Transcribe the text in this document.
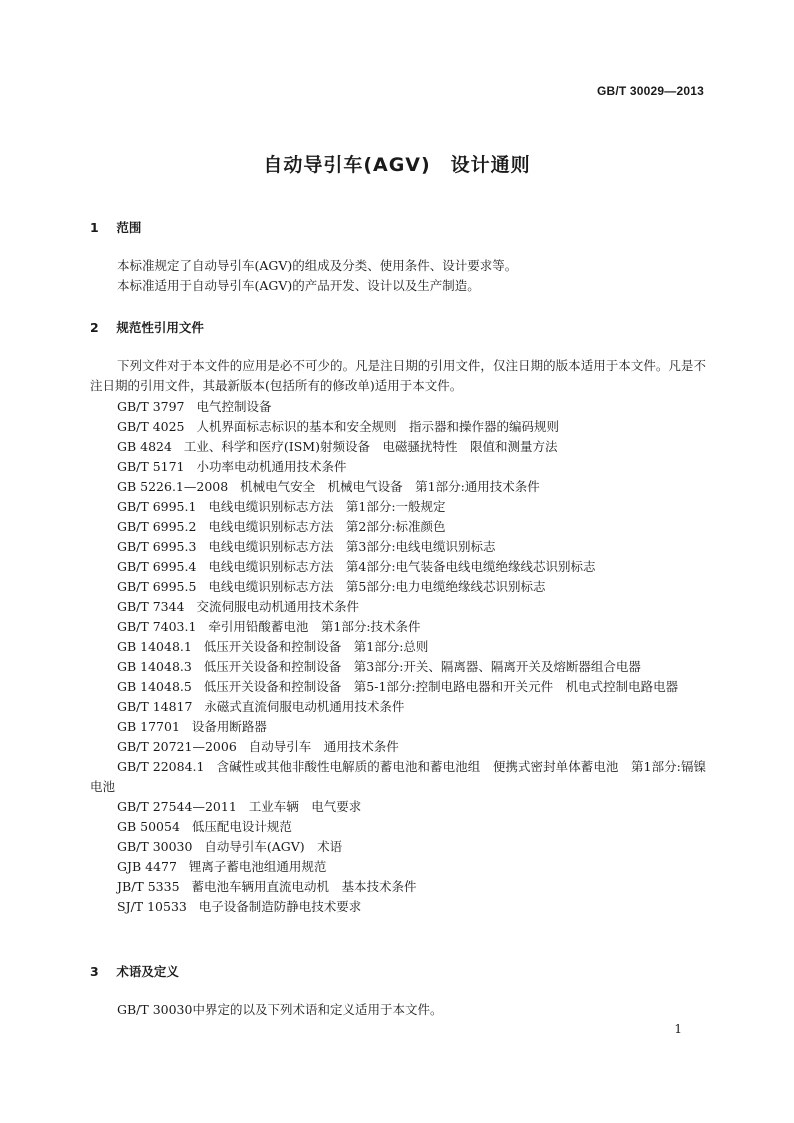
GB/T 30029—2013
自动导引车(AGV)　设计通则
1 范围
本标准规定了自动导引车(AGV)的组成及分类、使用条件、设计要求等。
本标准适用于自动导引车(AGV)的产品开发、设计以及生产制造。
2 规范性引用文件
下列文件对于本文件的应用是必不可少的。凡是注日期的引用文件，仅注日期的版本适用于本文件。凡是不注日期的引用文件，其最新版本(包括所有的修改单)适用于本文件。
GB/T 3797 电气控制设备
GB/T 4025 人机界面标志标识的基本和安全规则　指示器和操作器的编码规则
GB 4824 工业、科学和医疗(ISM)射频设备　电磁骚扰特性　限值和测量方法
GB/T 5171 小功率电动机通用技术条件
GB 5226.1—2008 机械电气安全　机械电气设备　第1部分:通用技术条件
GB/T 6995.1 电线电缆识别标志方法　第1部分:一般规定
GB/T 6995.2 电线电缆识别标志方法　第2部分:标准颜色
GB/T 6995.3 电线电缆识别标志方法　第3部分:电线电缆识别标志
GB/T 6995.4 电线电缆识别标志方法　第4部分:电气装备电线电缆绝缘线芯识别标志
GB/T 6995.5 电线电缆识别标志方法　第5部分:电力电缆绝缘线芯识别标志
GB/T 7344 交流伺服电动机通用技术条件
GB/T 7403.1 牵引用铅酸蓄电池　第1部分:技术条件
GB 14048.1 低压开关设备和控制设备　第1部分:总则
GB 14048.3 低压开关设备和控制设备　第3部分:开关、隔离器、隔离开关及熔断器组合电器
GB 14048.5 低压开关设备和控制设备　第5-1部分:控制电路电器和开关元件　机电式控制电路电器
GB/T 14817 永磁式直流伺服电动机通用技术条件
GB 17701 设备用断路器
GB/T 20721—2006 自动导引车　通用技术条件
GB/T 22084.1 含碱性或其他非酸性电解质的蓄电池和蓄电池组　便携式密封单体蓄电池　第1部分:镉镍电池
GB/T 27544—2011 工业车辆　电气要求
GB 50054 低压配电设计规范
GB/T 30030 自动导引车(AGV)　术语
GJB 4477 锂离子蓄电池组通用规范
JB/T 5335 蓄电池车辆用直流电动机　基本技术条件
SJ/T 10533 电子设备制造防静电技术要求
3 术语及定义
GB/T 30030中界定的以及下列术语和定义适用于本文件。
1
